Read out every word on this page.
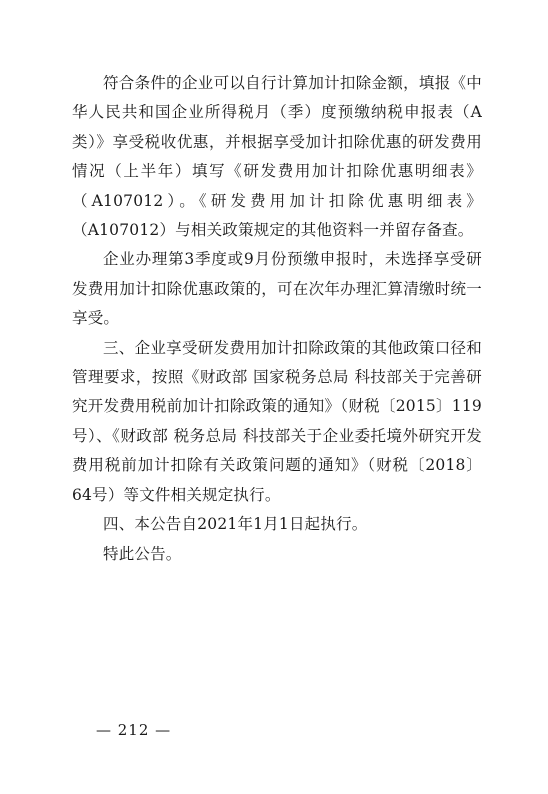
符合条件的企业可以自行计算加计扣除金额，填报《中华人民共和国企业所得税月（季）度预缴纳税申报表（A类）》享受税收优惠，并根据享受加计扣除优惠的研发费用情况（上半年）填写《研发费用加计扣除优惠明细表》（A107012）。《研发费用加计扣除优惠明细表》（A107012）与相关政策规定的其他资料一并留存备查。

企业办理第3季度或9月份预缴申报时，未选择享受研发费用加计扣除优惠政策的，可在次年办理汇算清缴时统一享受。

三、企业享受研发费用加计扣除政策的其他政策口径和管理要求，按照《财政部 国家税务总局 科技部关于完善研究开发费用税前加计扣除政策的通知》（财税〔2015〕119号）、《财政部 税务总局 科技部关于企业委托境外研究开发费用税前加计扣除有关政策问题的通知》（财税〔2018〕64号）等文件相关规定执行。

四、本公告自2021年1月1日起执行。

特此公告。

— 212 —
